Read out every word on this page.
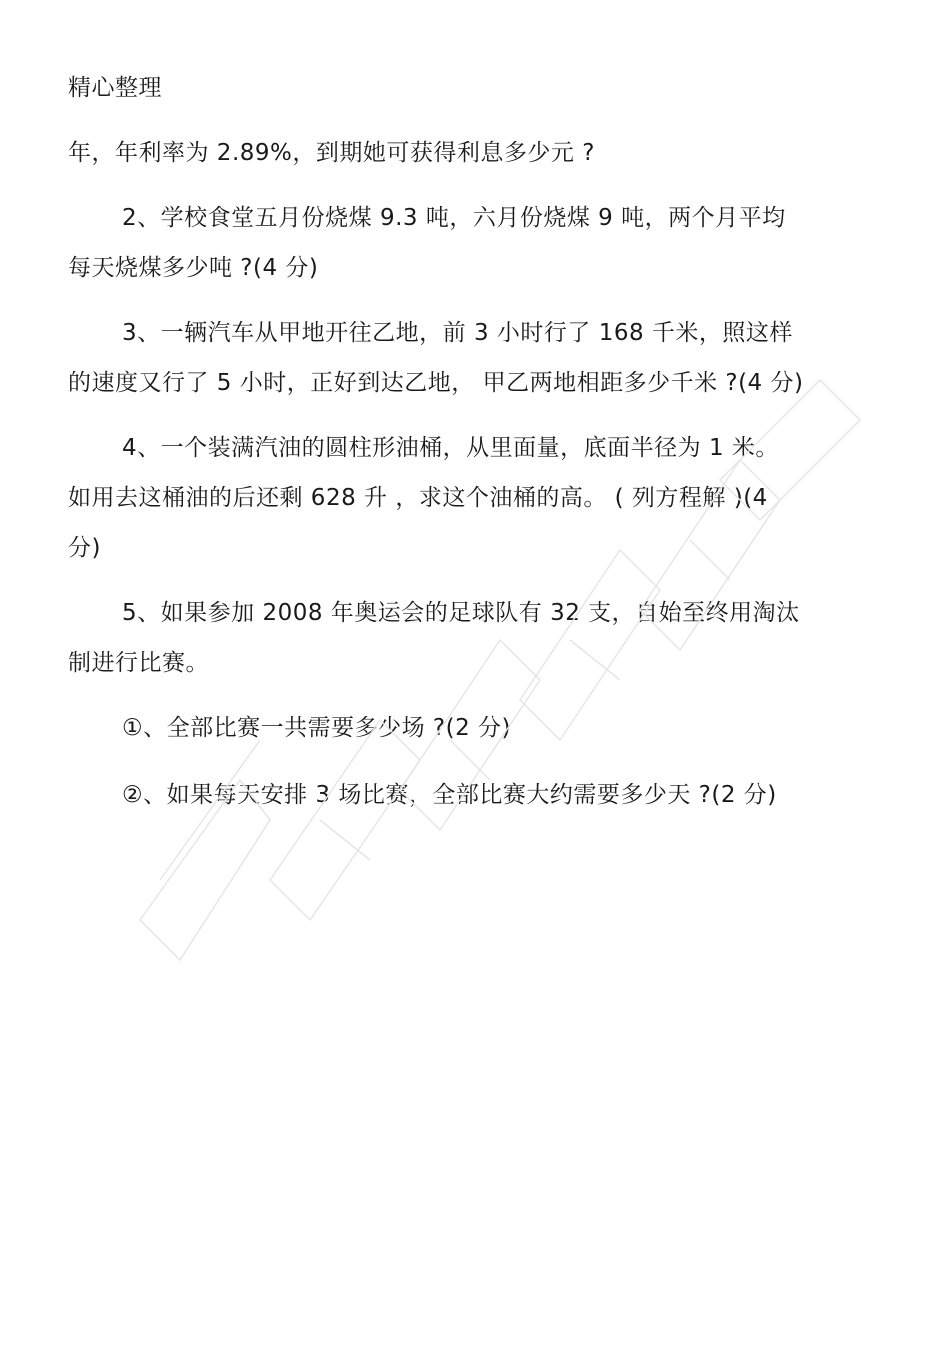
精心整理
年，年利率为 2.89%，到期她可获得利息多少元 ?
2、学校食堂五月份烧煤 9.3 吨，六月份烧煤 9 吨，两个月平均
每天烧煤多少吨 ?(4 分)
3、一辆汽车从甲地开往乙地，前 3 小时行了 168 千米，照这样
的速度又行了 5 小时，正好到达乙地， 甲乙两地相距多少千米 ?(4 分)
4、一个装满汽油的圆柱形油桶，从里面量，底面半径为 1 米。
如用去这桶油的后还剩 628 升 ，求这个油桶的高。 ( 列方程解 )(4
分)
5、如果参加 2008 年奥运会的足球队有 32 支，自始至终用淘汰
制进行比赛。
①、全部比赛一共需要多少场 ?(2 分)
②、如果每天安排 3 场比赛，全部比赛大约需要多少天 ?(2 分)
